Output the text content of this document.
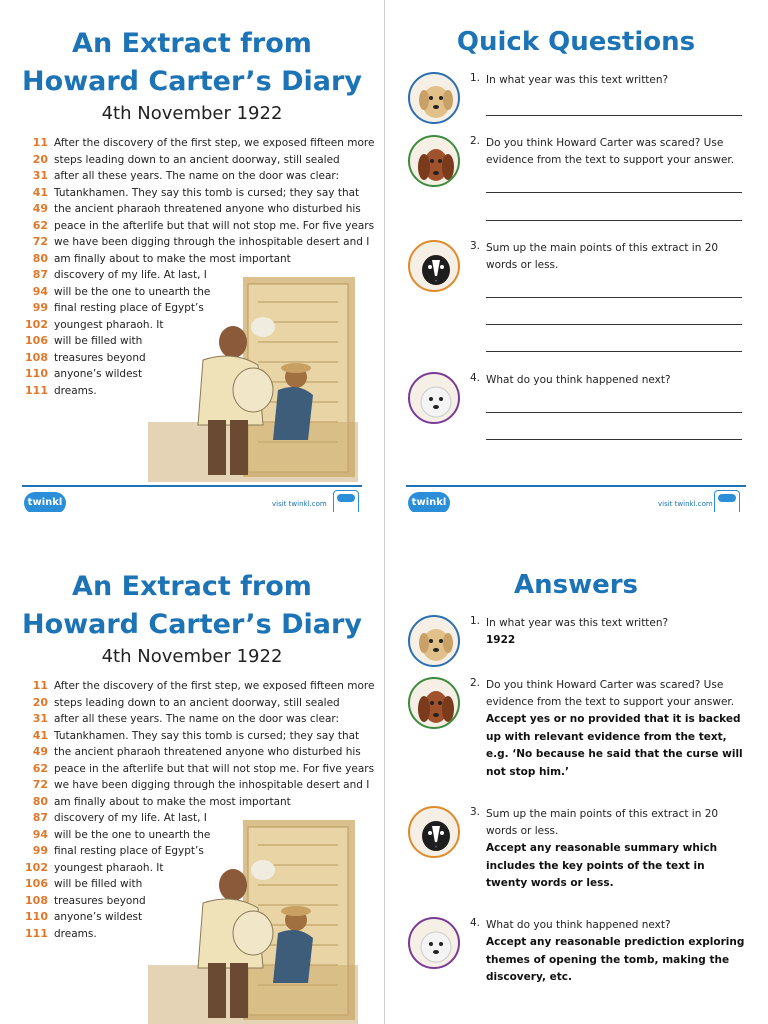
An Extract from
Howard Carter’s Diary
4th November 1922
11
20
31
41
49
62
72
80
87
94
99
102
106
108
110
111
After the discovery of the first step, we exposed fifteen more
steps leading down to an ancient doorway, still sealed
after all these years. The name on the door was clear:
Tutankhamen. They say this tomb is cursed; they say that
the ancient pharaoh threatened anyone who disturbed his
peace in the afterlife but that will not stop me. For five years
we have been digging through the inhospitable desert and I
am finally about to make the most important
discovery of my life. At last, I
will be the one to unearth the
final resting place of Egypt’s
youngest pharaoh. It
will be filled with
treasures beyond
anyone’s wildest
dreams.
twinkl	visit twinkl.com
Quick Questions
1. In what year was this text written?
2. Do you think Howard Carter was scared? Use evidence from the text to support your answer.
3. Sum up the main points of this extract in 20 words or less.
4. What do you think happened next?
twinkl	visit twinkl.com
An Extract from
Howard Carter’s Diary
4th November 1922
11
20
31
41
49
62
72
80
87
94
99
102
106
108
110
111
After the discovery of the first step, we exposed fifteen more
steps leading down to an ancient doorway, still sealed
after all these years. The name on the door was clear:
Tutankhamen. They say this tomb is cursed; they say that
the ancient pharaoh threatened anyone who disturbed his
peace in the afterlife but that will not stop me. For five years
we have been digging through the inhospitable desert and I
am finally about to make the most important
discovery of my life. At last, I
will be the one to unearth the
final resting place of Egypt’s
youngest pharaoh. It
will be filled with
treasures beyond
anyone’s wildest
dreams.
Answers
1. In what year was this text written?
1922
2. Do you think Howard Carter was scared? Use evidence from the text to support your answer.
Accept yes or no provided that it is backed up with relevant evidence from the text, e.g. ‘No because he said that the curse will not stop him.’
3. Sum up the main points of this extract in 20 words or less.
Accept any reasonable summary which includes the key points of the text in twenty words or less.
4. What do you think happened next?
Accept any reasonable prediction exploring themes of opening the tomb, making the discovery, etc.
